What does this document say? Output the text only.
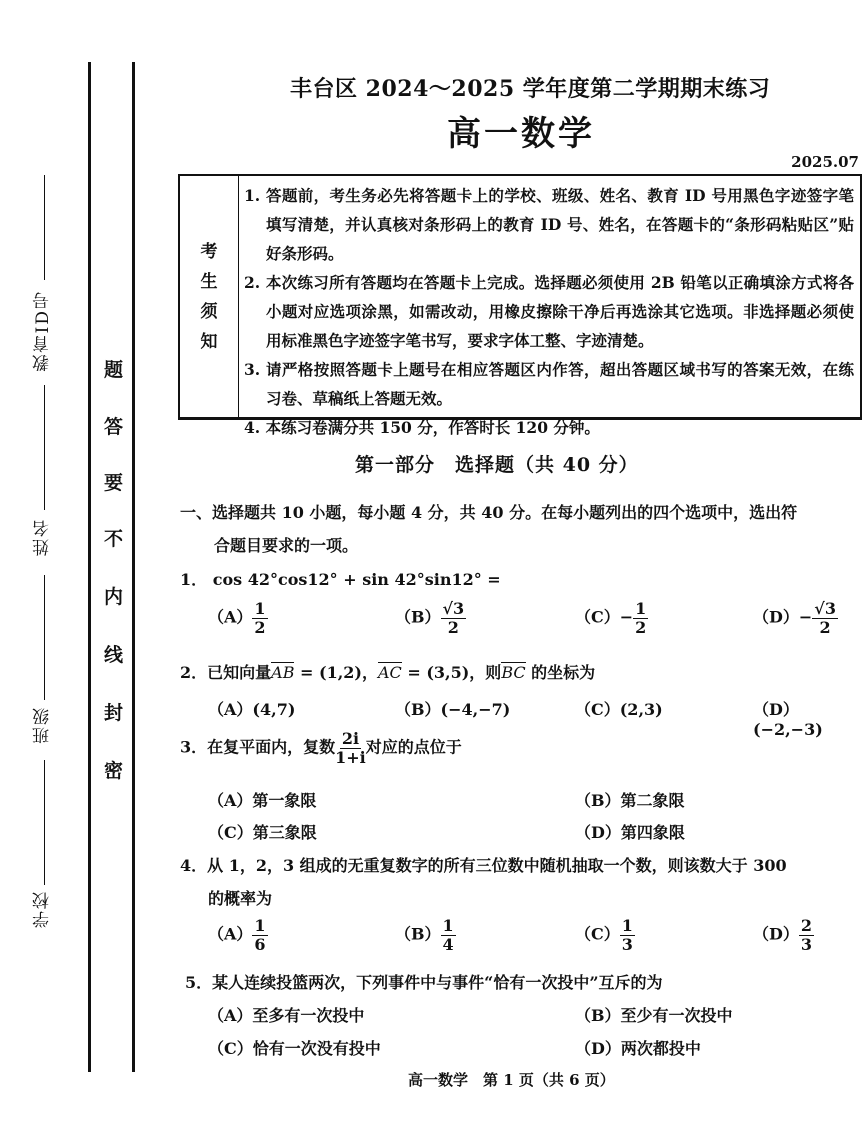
教育ID号
姓名
班级
学校
题
答
要
不
内
线
封
密
丰台区 2024～2025 学年度第二学期期末练习
高一数学
2025.07
考
生
须
知
1. 答题前，考生务必先将答题卡上的学校、班级、姓名、教育 ID 号用黑色字迹签字笔填写清楚，并认真核对条形码上的教育 ID 号、姓名，在答题卡的“条形码粘贴区”贴好条形码。
2. 本次练习所有答题均在答题卡上完成。选择题必须使用 2B 铅笔以正确填涂方式将各小题对应选项涂黑，如需改动，用橡皮擦除干净后再选涂其它选项。非选择题必须使用标准黑色字迹签字笔书写，要求字体工整、字迹清楚。
3. 请严格按照答题卡上题号在相应答题区内作答，超出答题区域书写的答案无效，在练习卷、草稿纸上答题无效。
4. 本练习卷满分共 150 分，作答时长 120 分钟。
第一部分　选择题（共 40 分）
一、选择题共 10 小题，每小题 4 分，共 40 分。在每小题列出的四个选项中，选出符
合题目要求的一项。
1． cos 42°cos12° + sin 42°sin12° =
$(A) \frac{1}{2}$	$(B) \frac{√3}{2}$	$(C)- \frac{1}{2}$	$(D)- \frac{√3}{2}$
2．已知向量AB = (1,2)，AC = (3,5)，则BC 的坐标为
（A）(4,7)	（B）(−4,−7)	（C）(2,3)	（D）(−2,−3)
3．在复平面内，复数 $\frac{2i}{1+i}$ 对应的点位于
（A）第一象限	（B）第二象限
（C）第三象限	（D）第四象限
4．从 1，2，3 组成的无重复数字的所有三位数中随机抽取一个数，则该数大于 300
的概率为
$(A) \frac{1}{6}$	$(B) \frac{1}{4}$	$(C) \frac{1}{3}$	$(D) \frac{2}{3}$
5．某人连续投篮两次，下列事件中与事件“恰有一次投中”互斥的为
（A）至多有一次投中	（B）至少有一次投中
（C）恰有一次没有投中	（D）两次都投中
高一数学　第 1 页（共 6 页）
